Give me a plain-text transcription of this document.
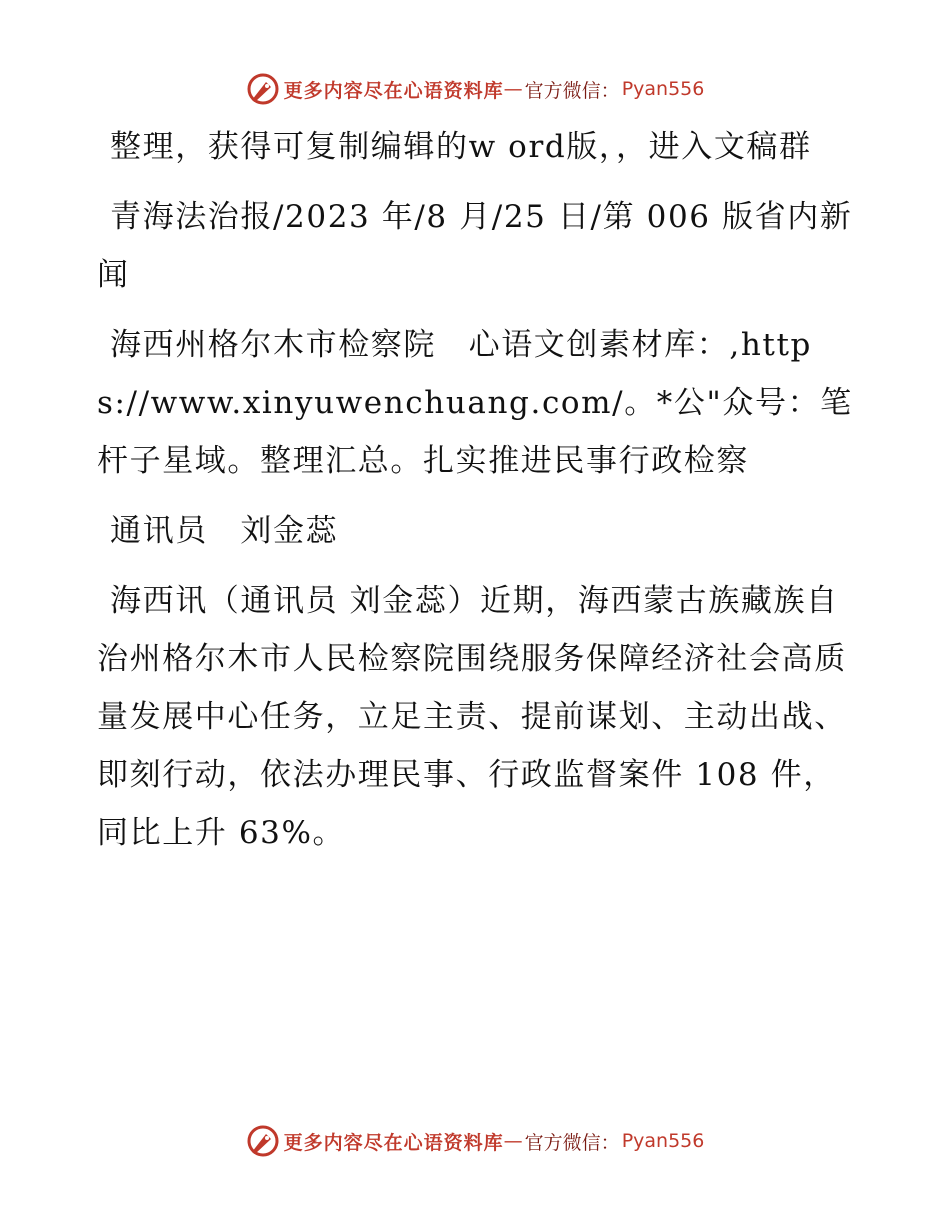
更多内容尽在心语资料库 — 官方微信： Pyan556

整理，获得可复制编辑的w ord版，，进入文稿群

青海法治报/2023 年/8 月/25 日/第 006 版省内新闻

海西州格尔木市检察院　心语文创素材库：,https://www.xinyuwenchuang.com/。*公"众号：笔杆子星域。整理汇总。扎实推进民事行政检察

通讯员　刘金蕊

海西讯（通讯员 刘金蕊）近期，海西蒙古族藏族自治州格尔木市人民检察院围绕服务保障经济社会高质量发展中心任务，立足主责、提前谋划、主动出战、即刻行动，依法办理民事、行政监督案件 108 件，同比上升 63%。

更多内容尽在心语资料库 — 官方微信： Pyan556
